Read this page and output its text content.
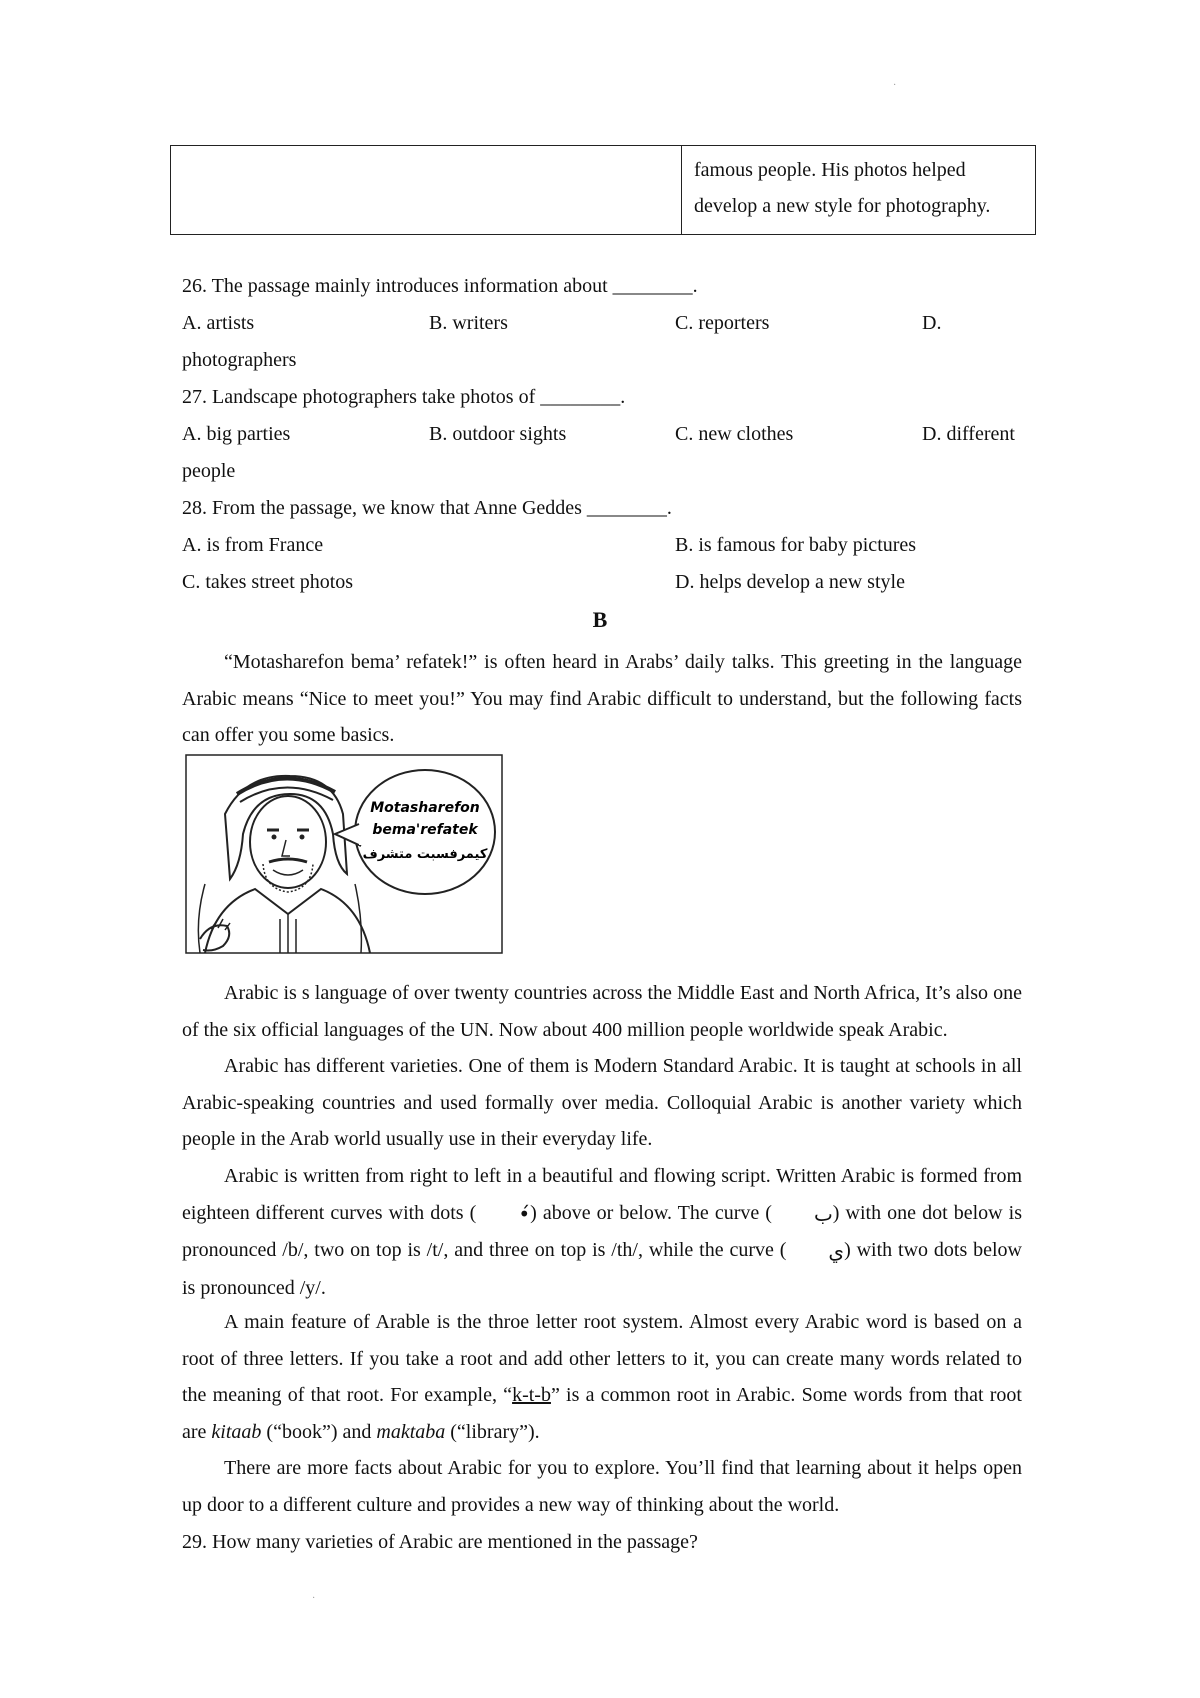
·
famous people. His photos helped
develop a new style for photography.
26. The passage mainly introduces information about ________.
A. artists	B. writers	C. reporters	D.
photographers
27. Landscape photographers take photos of ________.
A. big parties	B. outdoor sights	C. new clothes	D. different
people
28. From the passage, we know that Anne Geddes ________.
A. is from France	B. is famous for baby pictures
C. takes street photos	D. helps develop a new style
B
“Motasharefon bema’ refatek!” is often heard in Arabs’ daily talks. This greeting in the language Arabic means “Nice to meet you!” You may find Arabic difficult to understand, but the following facts can offer you some basics.
Motasharefon
bema'refatek
كيمرفسبت متشرف
Arabic is s language of over twenty countries across the Middle East and North Africa, It’s also one of the six official languages of the UN. Now about 400 million people worldwide speak Arabic.
Arabic has different varieties. One of them is Modern Standard Arabic. It is taught at schools in all Arabic-speaking countries and used formally over media. Colloquial Arabic is another variety which people in the Arab world usually use in their everyday life.
Arabic is written from right to left in a beautiful and flowing script. Written Arabic is formed from eighteen different curves with dots ( •́) above or below. The curve ( ب) with one dot below is pronounced /b/, two on top is /t/, and three on top is /th/, while the curve ( ي) with two dots below is pronounced /y/.
A main feature of Arable is the throe letter root system. Almost every Arabic word is based on a root of three letters. If you take a root and add other letters to it, you can create many words related to the meaning of that root. For example, “k-t-b” is a common root in Arabic. Some words from that root are kitaab (“book”) and maktaba (“library”).
There are more facts about Arabic for you to explore. You’ll find that learning about it helps open up door to a different culture and provides a new way of thinking about the world.
29. How many varieties of Arabic are mentioned in the passage?
·
